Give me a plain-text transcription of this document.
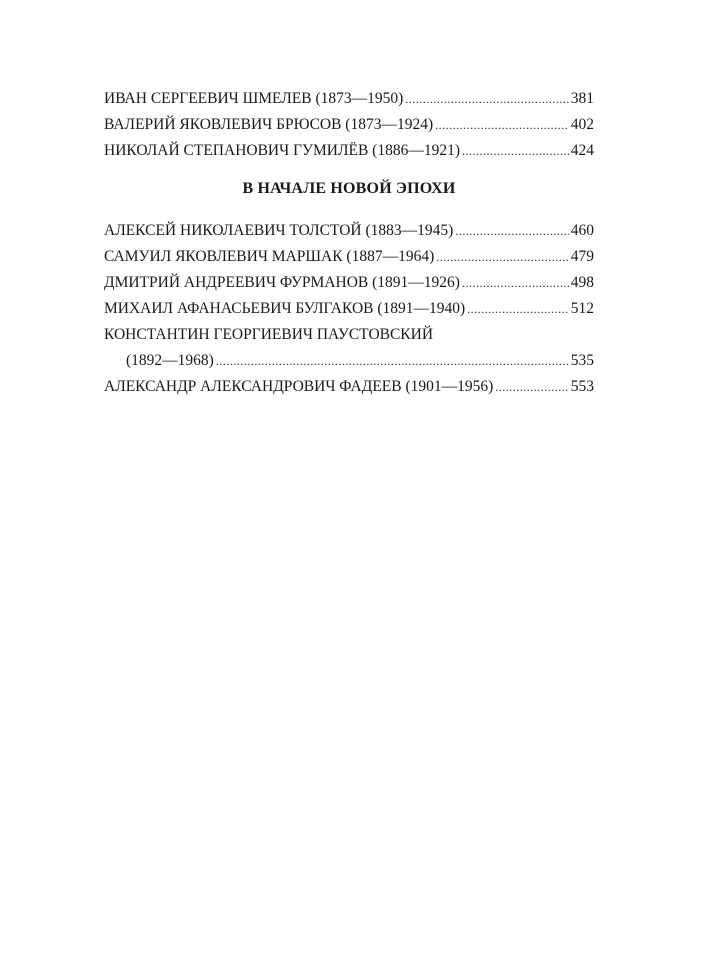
ИВАН СЕРГЕЕВИЧ ШМЕЛЕВ (1873—1950) .....	381
ВАЛЕРИЙ ЯКОВЛЕВИЧ БРЮСОВ (1873—1924) .....	402
НИКОЛАЙ СТЕПАНОВИЧ ГУМИЛЁВ (1886—1921) .....	424
В НАЧАЛЕ НОВОЙ ЭПОХИ
АЛЕКСЕЙ НИКОЛАЕВИЧ ТОЛСТОЙ (1883—1945) .....	460
САМУИЛ ЯКОВЛЕВИЧ МАРШАК (1887—1964) .....	479
ДМИТРИЙ АНДРЕЕВИЧ ФУРМАНОВ (1891—1926) .....	498
МИХАИЛ АФАНАСЬЕВИЧ БУЛГАКОВ (1891—1940) .....	512
КОНСТАНТИН ГЕОРГИЕВИЧ ПАУСТОВСКИЙ
(1892—1968) .....	535
АЛЕКСАНДР АЛЕКСАНДРОВИЧ ФАДЕЕВ (1901—1956) .....	553
